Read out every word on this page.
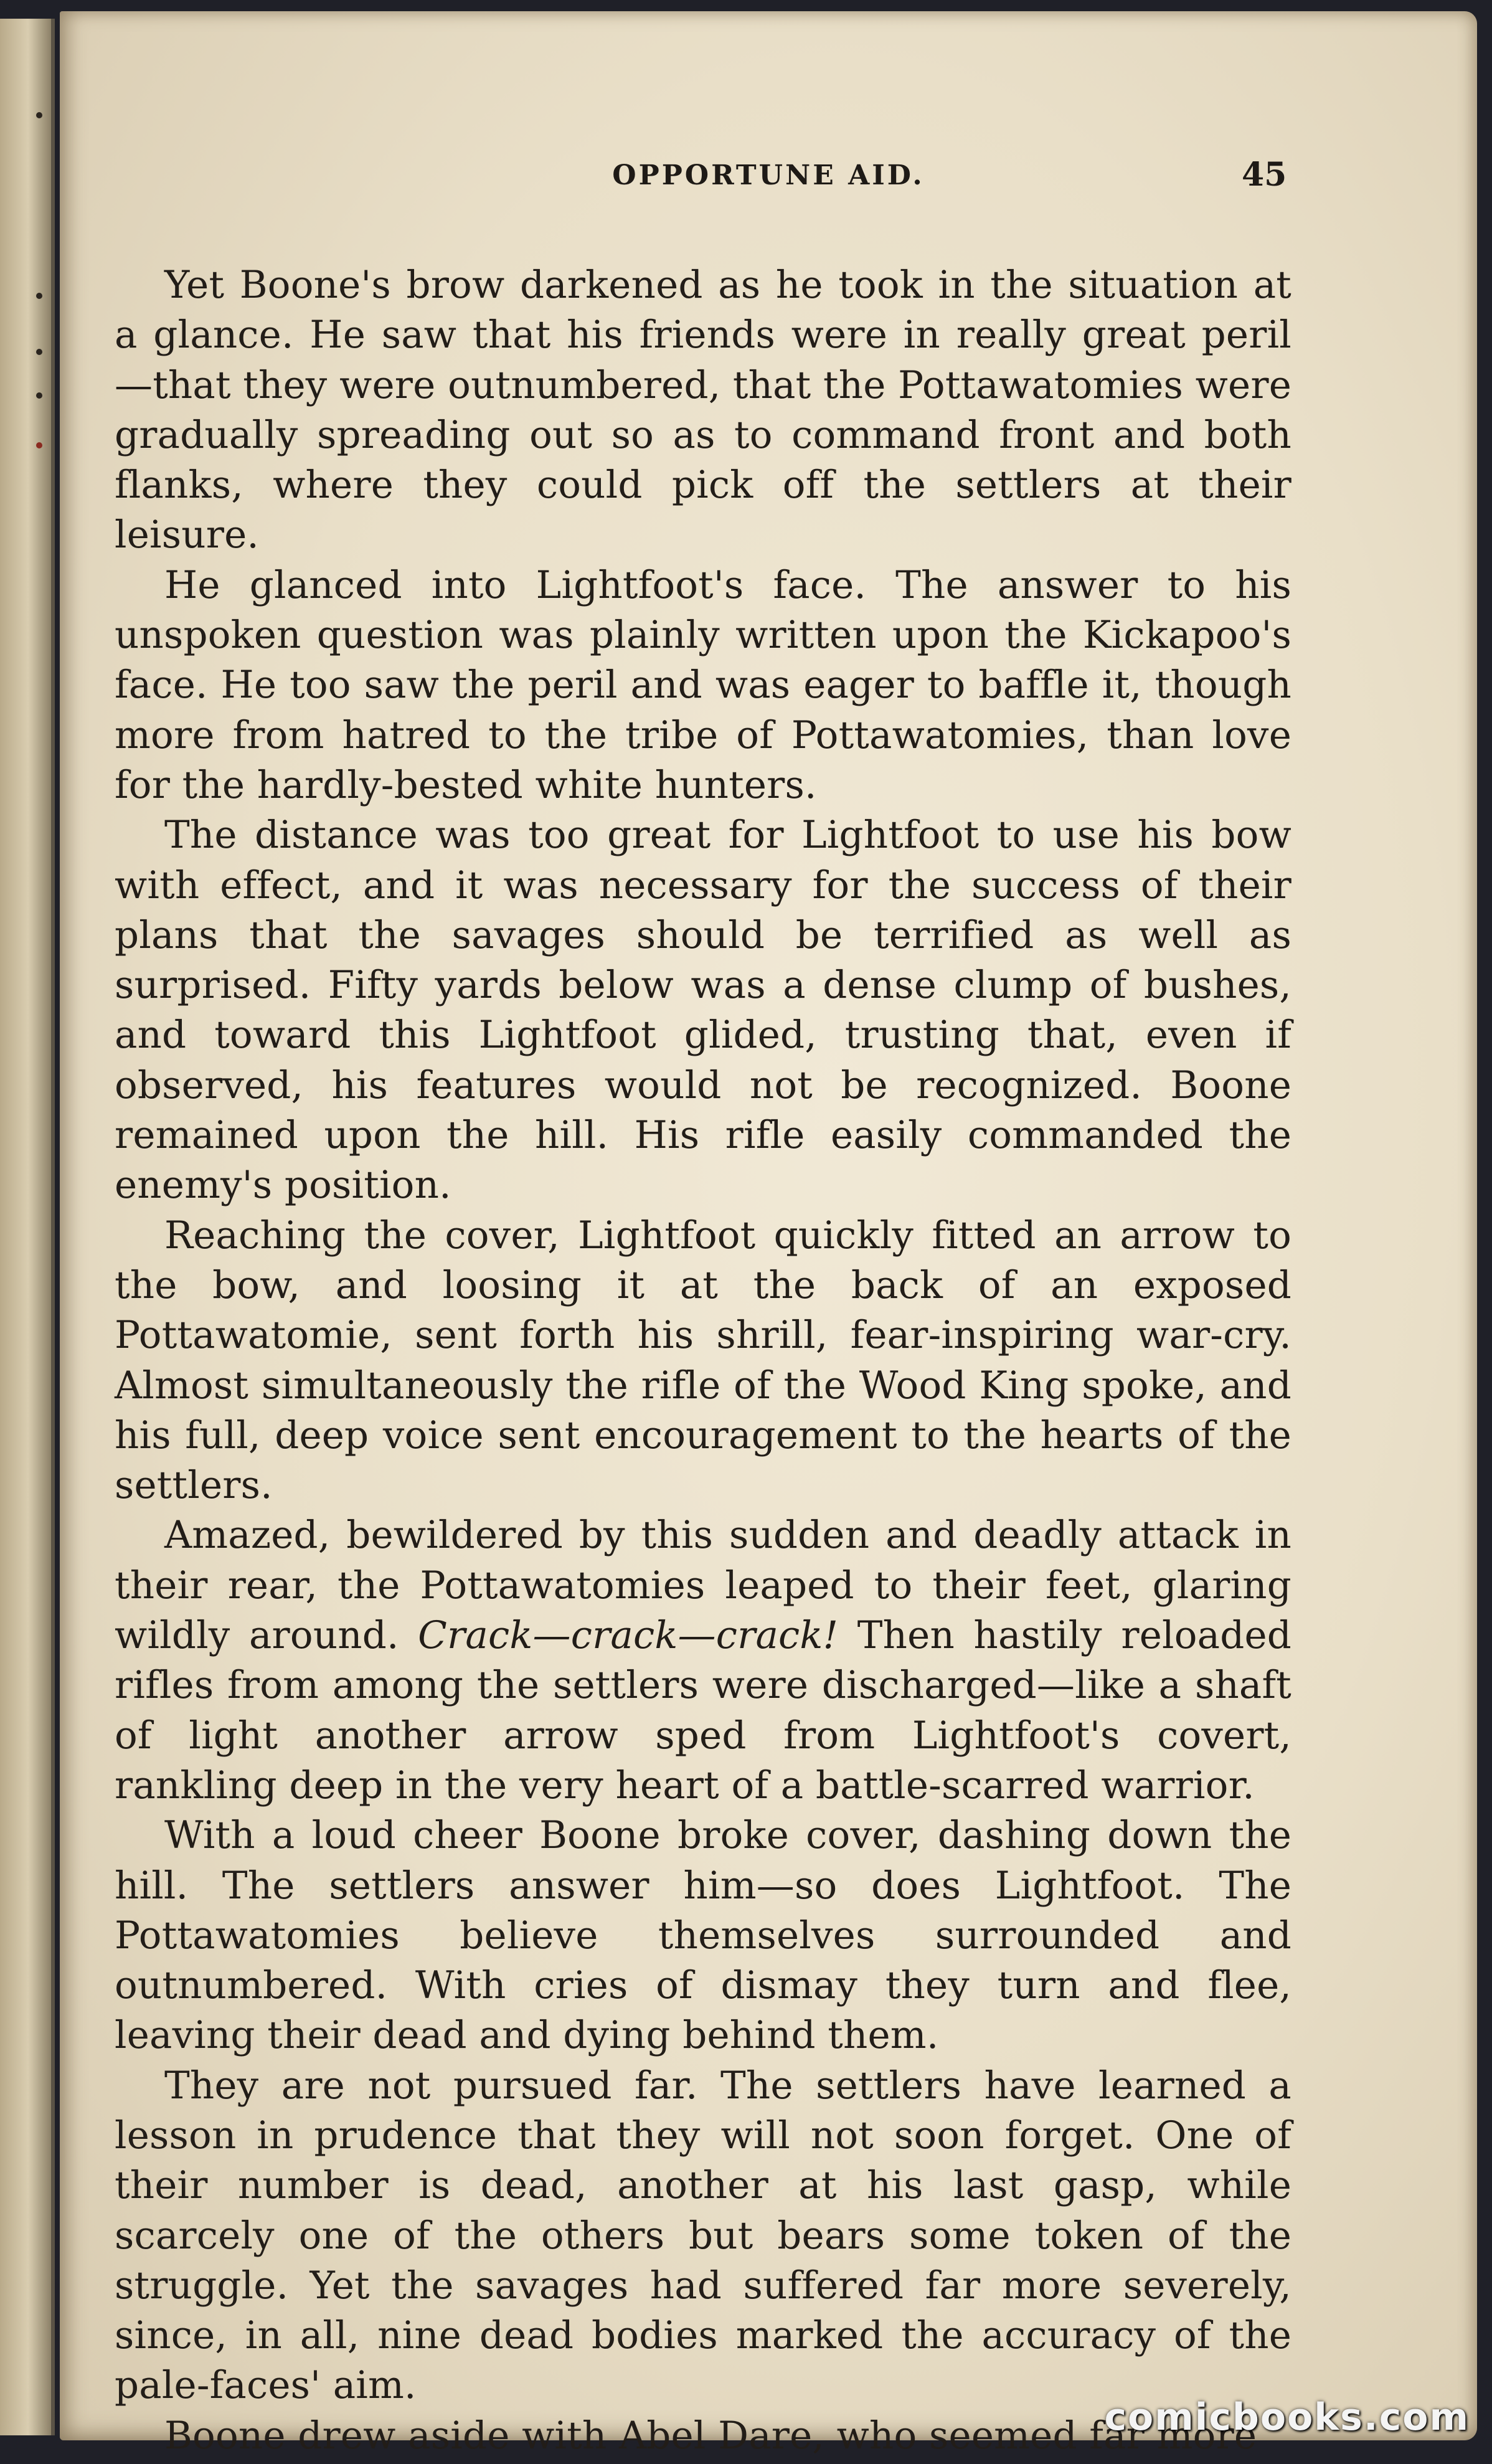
OPPORTUNE AID.	45

Yet Boone's brow darkened as he took in the situation at a glance. He saw that his friends were in really great peril —that they were outnumbered, that the Pottawatomies were gradually spreading out so as to command front and both flanks, where they could pick off the settlers at their leisure.

He glanced into Lightfoot's face. The answer to his unspoken question was plainly written upon the Kickapoo's face. He too saw the peril and was eager to baffle it, though more from hatred to the tribe of Pottawatomies, than love for the hardly-bested white hunters.

The distance was too great for Lightfoot to use his bow with effect, and it was necessary for the success of their plans that the savages should be terrified as well as surprised. Fifty yards below was a dense clump of bushes, and toward this Lightfoot glided, trusting that, even if observed, his features would not be recognized. Boone remained upon the hill. His rifle easily commanded the enemy's position.

Reaching the cover, Lightfoot quickly fitted an arrow to the bow, and loosing it at the back of an exposed Pottawatomie, sent forth his shrill, fear-inspiring war-cry. Almost simultaneously the rifle of the Wood King spoke, and his full, deep voice sent encouragement to the hearts of the settlers.

Amazed, bewildered by this sudden and deadly attack in their rear, the Pottawatomies leaped to their feet, glaring wildly around. Crack—crack—crack! Then hastily reloaded rifles from among the settlers were discharged—like a shaft of light another arrow sped from Lightfoot's covert, rankling deep in the very heart of a battle-scarred warrior.

With a loud cheer Boone broke cover, dashing down the hill. The settlers answer him—so does Lightfoot. The Pottawatomies believe themselves surrounded and outnumbered. With cries of dismay they turn and flee, leaving their dead and dying behind them.

They are not pursued far. The settlers have learned a lesson in prudence that they will not soon forget. One of their number is dead, another at his last gasp, while scarcely one of the others but bears some token of the struggle. Yet the savages had suffered far more severely, since, in all, nine dead bodies marked the accuracy of the pale-faces' aim.

Boone drew aside with Abel Dare, who seemed far more

comicbooks.com
